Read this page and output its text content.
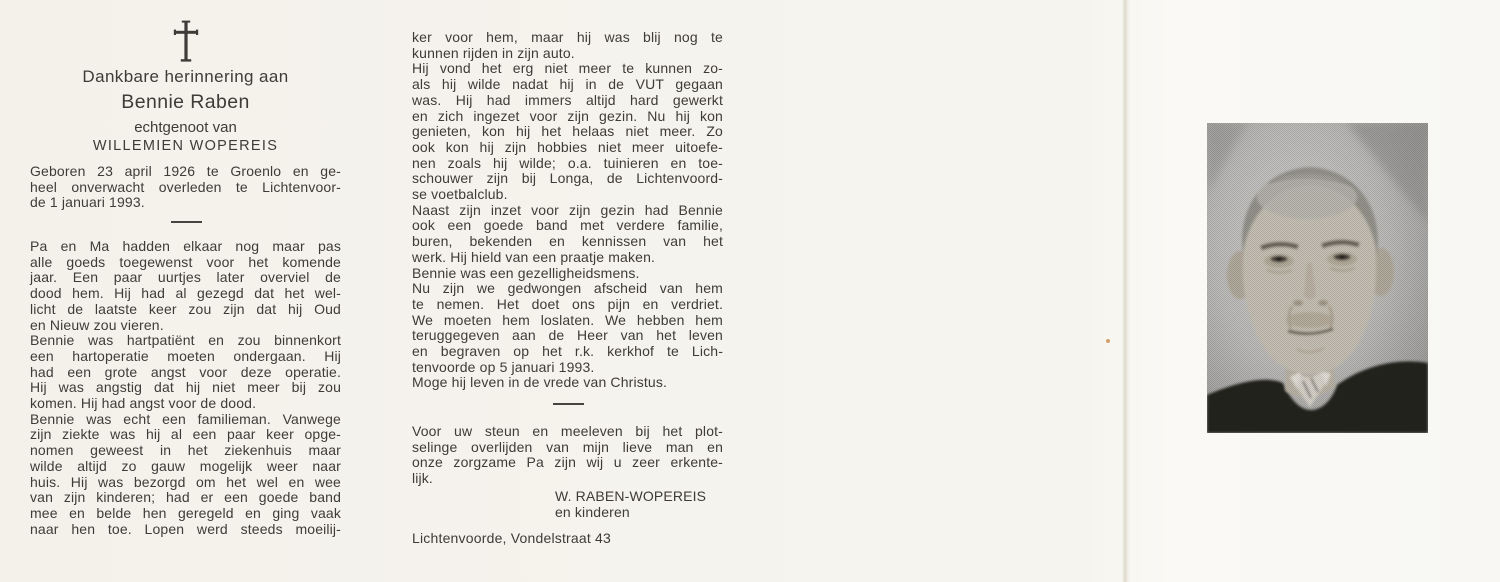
Dankbare herinnering aan
Bennie Raben
echtgenoot van
WILLEMIEN WOPEREIS
Geboren 23 april 1926 te Groenlo en ge-
heel onverwacht overleden te Lichtenvoor-
de 1 januari 1993.
Pa en Ma hadden elkaar nog maar pas
alle goeds toegewenst voor het komende
jaar. Een paar uurtjes later overviel de
dood hem. Hij had al gezegd dat het wel-
licht de laatste keer zou zijn dat hij Oud
en Nieuw zou vieren.
Bennie was hartpatiënt en zou binnenkort
een hartoperatie moeten ondergaan. Hij
had een grote angst voor deze operatie.
Hij was angstig dat hij niet meer bij zou
komen. Hij had angst voor de dood.
Bennie was echt een familieman. Vanwege
zijn ziekte was hij al een paar keer opge-
nomen geweest in het ziekenhuis maar
wilde altijd zo gauw mogelijk weer naar
huis. Hij was bezorgd om het wel en wee
van zijn kinderen; had er een goede band
mee en belde hen geregeld en ging vaak
naar hen toe. Lopen werd steeds moeilij-
ker voor hem, maar hij was blij nog te
kunnen rijden in zijn auto.
Hij vond het erg niet meer te kunnen zo-
als hij wilde nadat hij in de VUT gegaan
was. Hij had immers altijd hard gewerkt
en zich ingezet voor zijn gezin. Nu hij kon
genieten, kon hij het helaas niet meer. Zo
ook kon hij zijn hobbies niet meer uitoefe-
nen zoals hij wilde; o.a. tuinieren en toe-
schouwer zijn bij Longa, de Lichtenvoord-
se voetbalclub.
Naast zijn inzet voor zijn gezin had Bennie
ook een goede band met verdere familie,
buren, bekenden en kennissen van het
werk. Hij hield van een praatje maken.
Bennie was een gezelligheidsmens.
Nu zijn we gedwongen afscheid van hem
te nemen. Het doet ons pijn en verdriet.
We moeten hem loslaten. We hebben hem
teruggegeven aan de Heer van het leven
en begraven op het r.k. kerkhof te Lich-
tenvoorde op 5 januari 1993.
Moge hij leven in de vrede van Christus.
Voor uw steun en meeleven bij het plot-
selinge overlijden van mijn lieve man en
onze zorgzame Pa zijn wij u zeer erkente-
lijk.
W. RABEN-WOPEREIS
en kinderen
Lichtenvoorde, Vondelstraat 43
